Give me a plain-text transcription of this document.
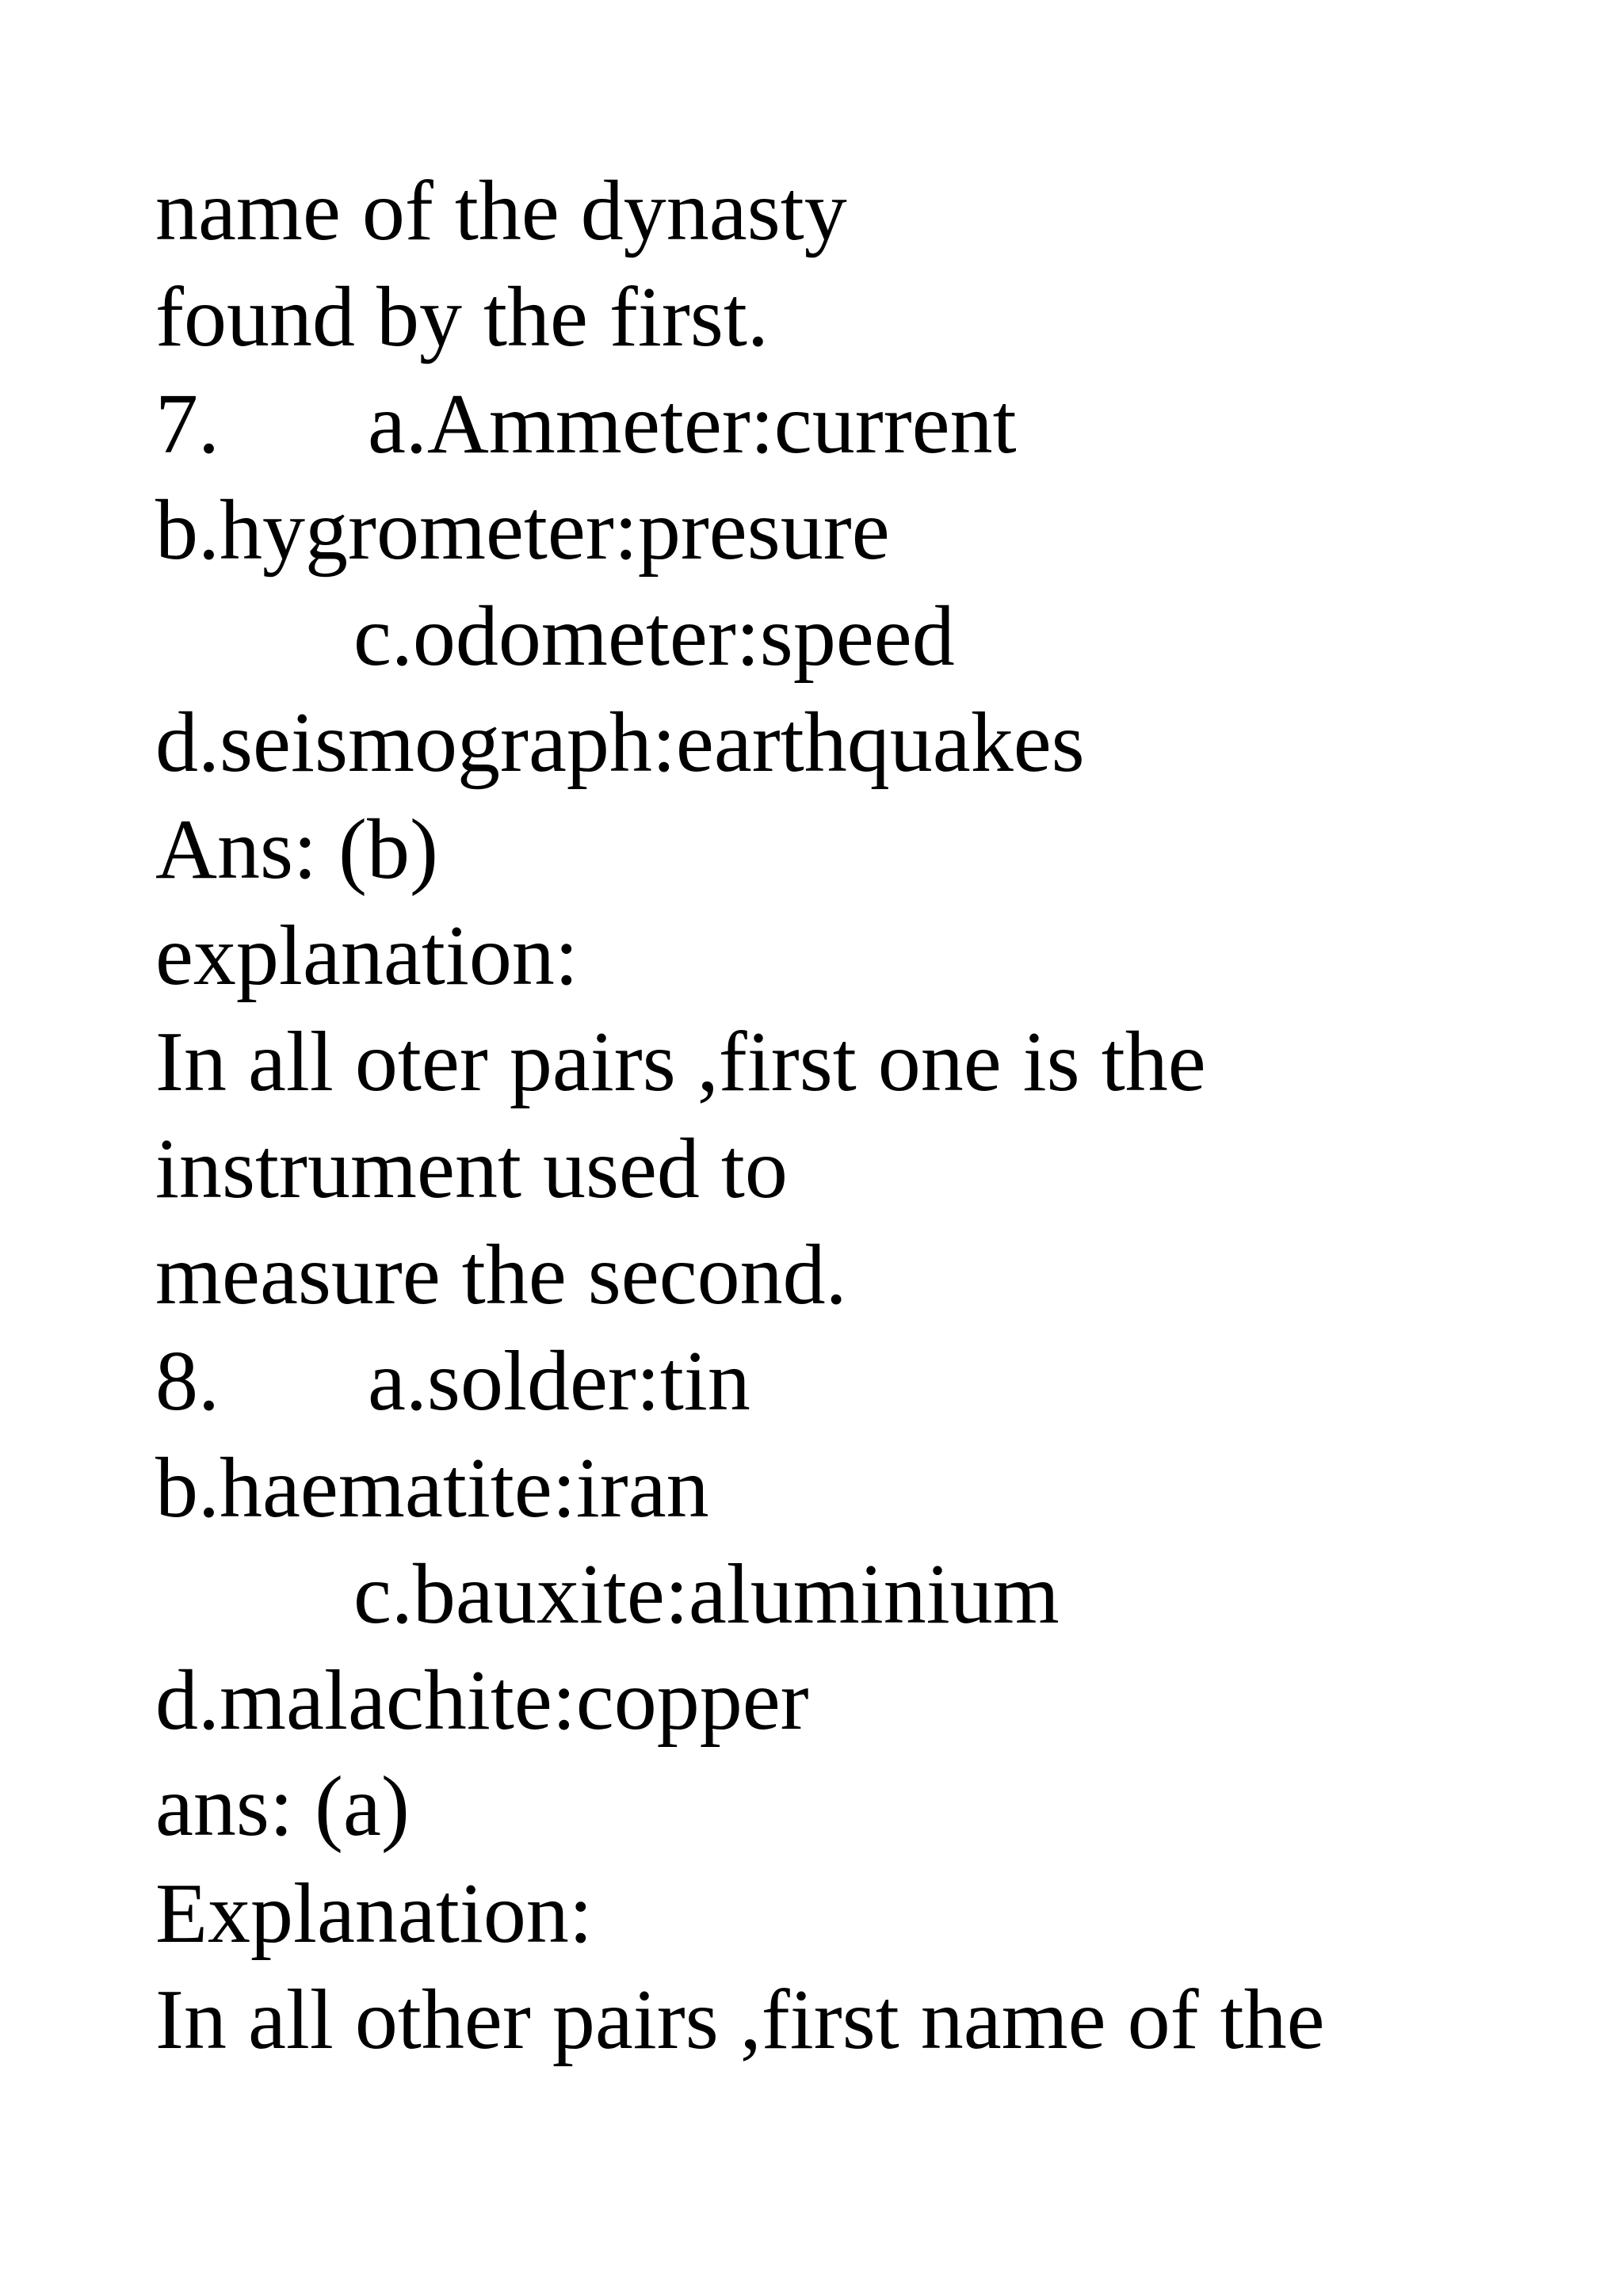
name of the dynasty
found by the first.
7. a.Ammeter:current
b.hygrometer:presure
c.odometer:speed
d.seismograph:earthquakes
Ans: (b)
explanation:
In all oter pairs ,first one is the
instrument used to
measure the second.
8. a.solder:tin
b.haematite:iran
c.bauxite:aluminium
d.malachite:copper
ans: (a)
Explanation:
In all other pairs ,first name of the
